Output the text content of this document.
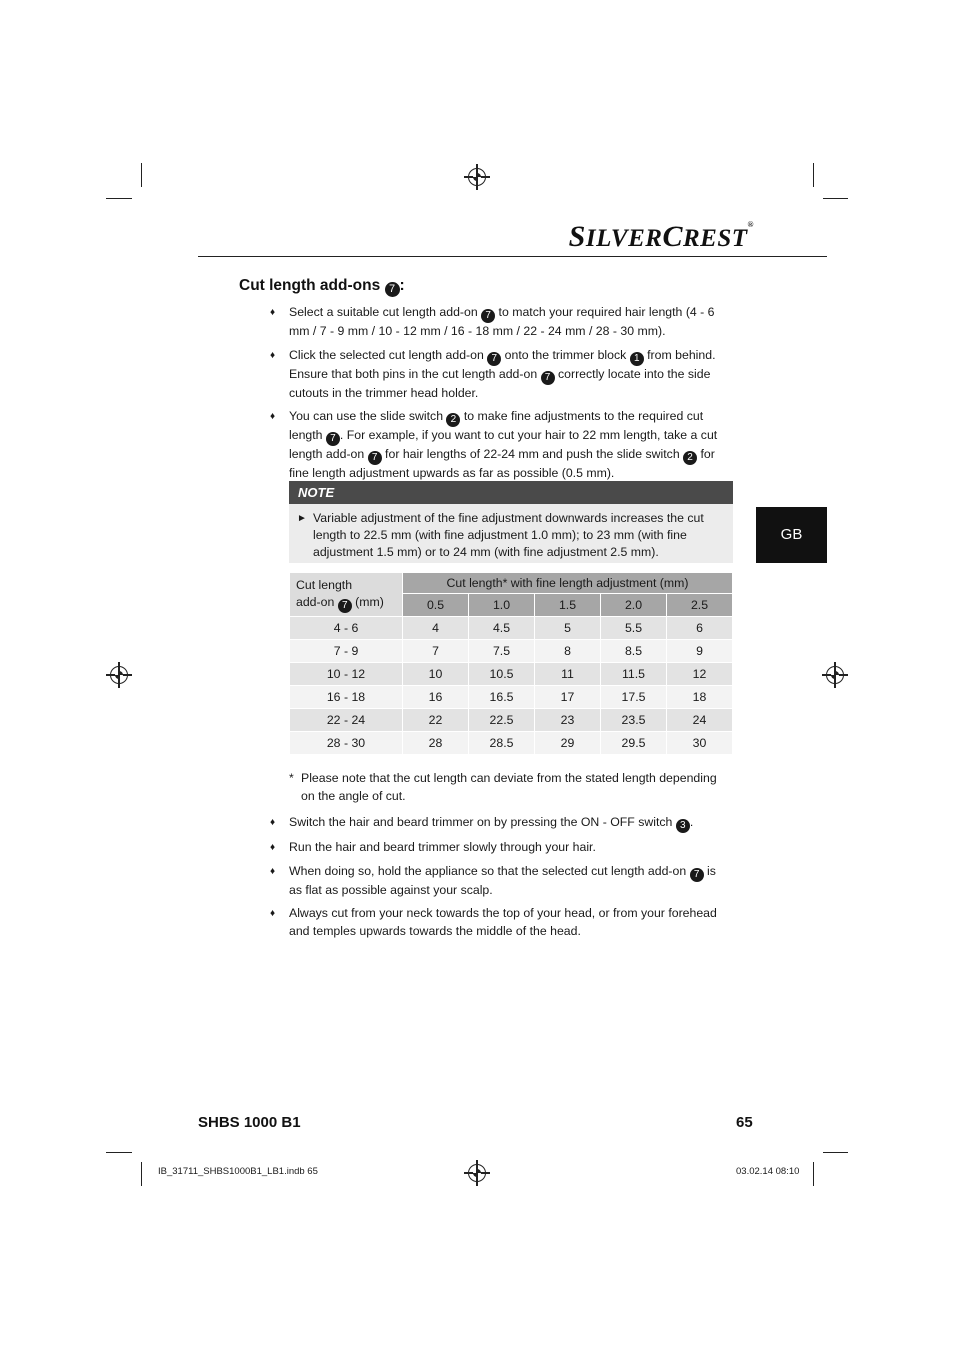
SILVERCREST®
Cut length add-ons 7 :
♦ Select a suitable cut length add-on 7 to match your required hair length (4 - 6 mm / 7 - 9 mm / 10 - 12 mm / 16 - 18 mm / 22 - 24 mm / 28 - 30 mm).
♦ Click the selected cut length add-on 7 onto the trimmer block 1 from behind. Ensure that both pins in the cut length add-on 7 correctly locate into the side cutouts in the trimmer head holder.
♦ You can use the slide switch 2 to make fine adjustments to the required cut length 7 . For example, if you want to cut your hair to 22 mm length, take a cut length add-on 7 for hair lengths of 22-24 mm and push the slide switch 2 for fine length adjustment upwards as far as possible (0.5 mm).
NOTE
► Variable adjustment of the fine adjustment downwards increases the cut length to 22.5 mm (with fine adjustment 1.0 mm); to 23 mm (with fine adjustment 1.5 mm) or to 24 mm (with fine adjustment 2.5 mm).
Cut length
add-on 7 (mm)	Cut length* with fine length adjustment (mm)				
	0.5	1.0	1.5	2.0	2.5
4 - 6	4	4.5	5	5.5	6
7 - 9	7	7.5	8	8.5	9
10 - 12	10	10.5	11	11.5	12
16 - 18	16	16.5	17	17.5	18
22 - 24	22	22.5	23	23.5	24
28 - 30	28	28.5	29	29.5	30
* Please note that the cut length can deviate from the stated length depending on the angle of cut.
♦ Switch the hair and beard trimmer on by pressing the ON - OFF switch 3 .
♦ Run the hair and beard trimmer slowly through your hair.
♦ When doing so, hold the appliance so that the selected cut length add-on 7 is as flat as possible against your scalp.
♦ Always cut from your neck towards the top of your head, or from your forehead and temples upwards towards the middle of the head.
GB
SHBS 1000 B1	65
IB_31711_SHBS1000B1_LB1.indb 65	03.02.14 08:10
